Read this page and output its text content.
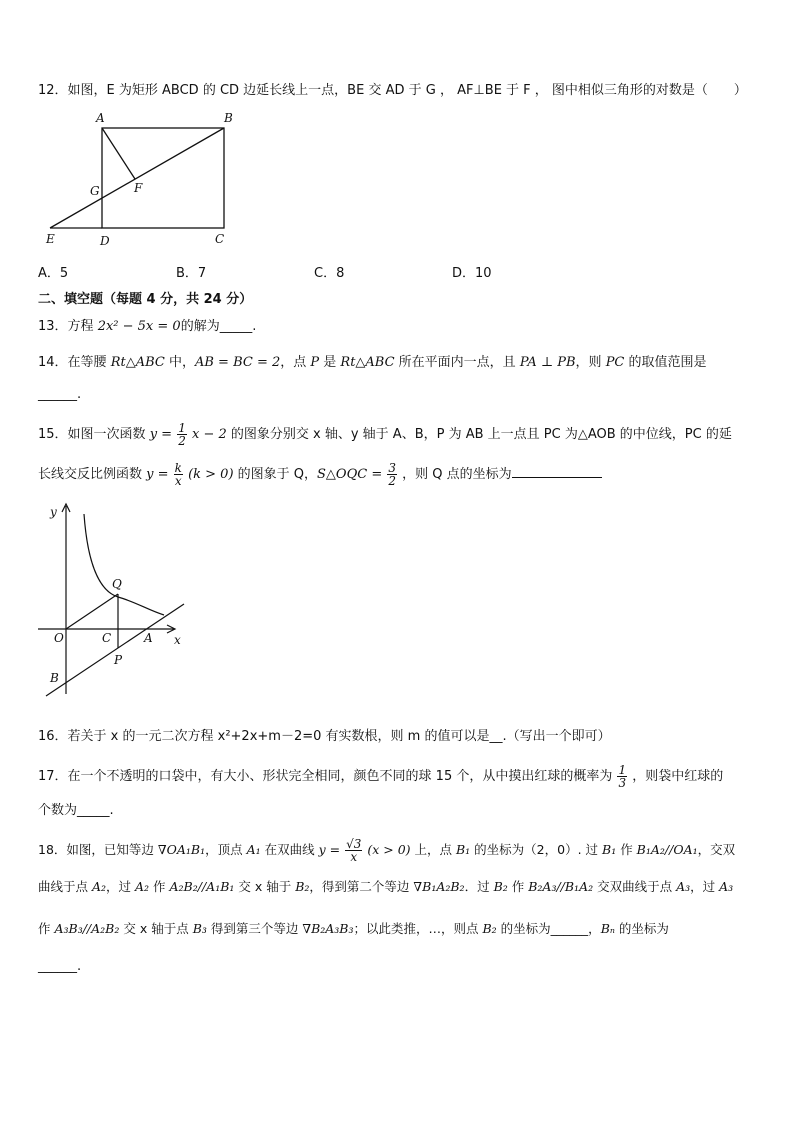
12．如图，E 为矩形 ABCD 的 CD 边延长线上一点，BE 交 AD 于 G ， AF⊥BE 于 F ， 图中相似三角形的对数是（　　）
A	B
C
D
E
F
G
A．5	B．7	C．8	D．10
二、填空题（每题 4 分，共 24 分）
13．方程 2x² − 5x = 0的解为_____.
14．在等腰 Rt△ABC 中，AB = BC = 2，点 P 是 Rt△ABC 所在平面内一点，且 PA ⊥ PB，则 PC 的取值范围是
______.
15．如图一次函数 $y = \frac{1}{2}$ x − 2 的图象分别交 x 轴、y 轴于 A、B，P 为 AB 上一点且 PC 为△AOB 的中位线，PC 的延
长线交反比例函数 $y = \frac{k}{x} (k > 0)$ 的图象于 Q，S△OQC = $\frac{3}{2}$ ，则 Q 点的坐标为
y
x
O	C	A
B
P
Q
16．若关于 x 的一元二次方程 x²+2x+m－2=0 有实数根，则 m 的值可以是__.（写出一个即可）
17．在一个不透明的口袋中，有大小、形状完全相同，颜色不同的球 15 个，从中摸出红球的概率为 $\frac{1}{3}$ ，则袋中红球的
个数为_____.
18．如图，已知等边 ∇OA₁B₁，顶点 A₁ 在双曲线 $y = \frac{√3}{x} (x > 0)$ 上，点 B₁ 的坐标为（2，0）. 过 B₁ 作 B₁A₂//OA₁，交双
曲线于点 A₂，过 A₂ 作 A₂B₂//A₁B₁ 交 x 轴于 B₂，得到第二个等边 ∇B₁A₂B₂．过 B₂ 作 B₂A₃//B₁A₂ 交双曲线于点 A₃，过 A₃
作 A₃B₃//A₂B₂ 交 x 轴于点 B₃ 得到第三个等边 ∇B₂A₃B₃；以此类推，…，则点 B₂ 的坐标为______，Bₙ 的坐标为
______.
